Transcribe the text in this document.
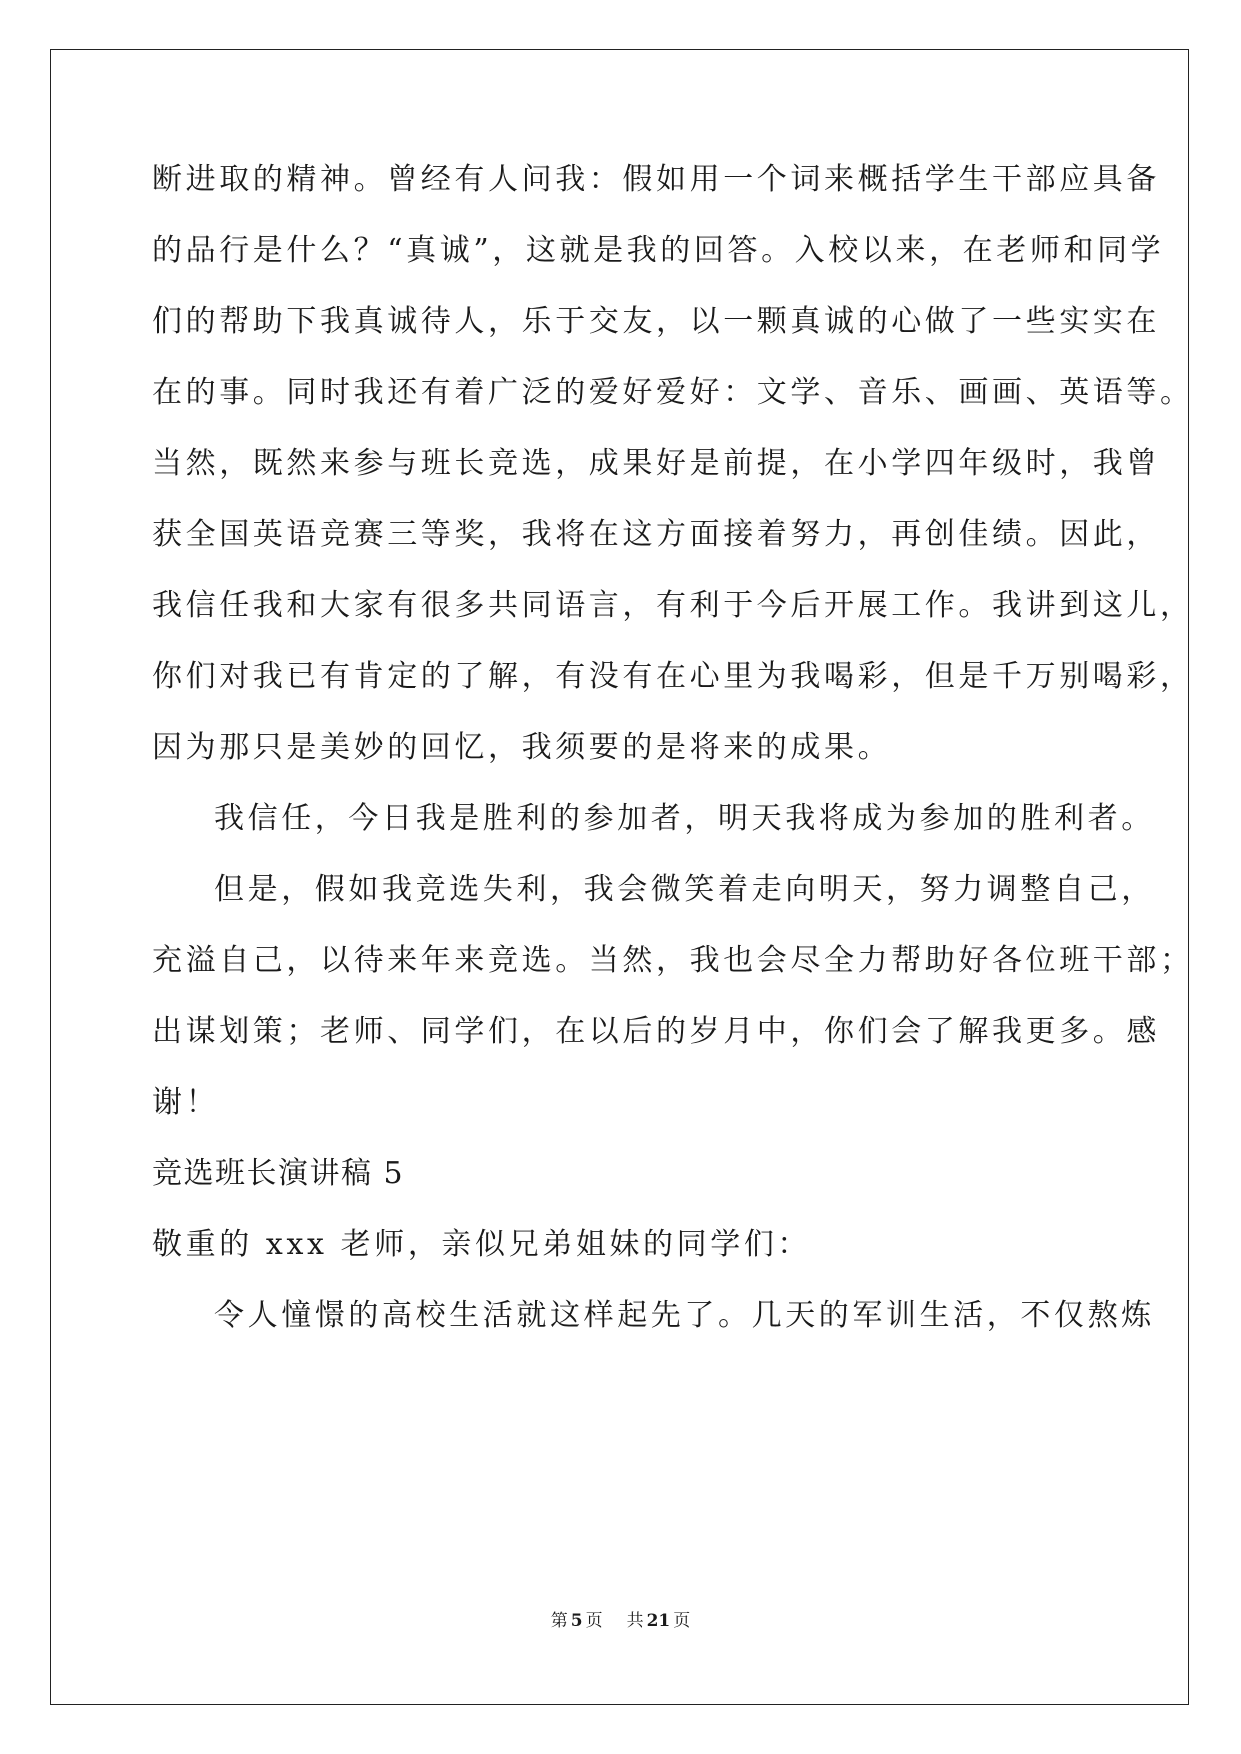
断进取的精神。曾经有人问我：假如用一个词来概括学生干部应具备
的品行是什么？“真诚”，这就是我的回答。入校以来，在老师和同学
们的帮助下我真诚待人，乐于交友，以一颗真诚的心做了一些实实在
在的事。同时我还有着广泛的爱好爱好：文学、音乐、画画、英语等。
当然，既然来参与班长竞选，成果好是前提，在小学四年级时，我曾
获全国英语竞赛三等奖，我将在这方面接着努力，再创佳绩。因此，
我信任我和大家有很多共同语言，有利于今后开展工作。我讲到这儿，
你们对我已有肯定的了解，有没有在心里为我喝彩，但是千万别喝彩，
因为那只是美妙的回忆，我须要的是将来的成果。
我信任，今日我是胜利的参加者，明天我将成为参加的胜利者。
但是，假如我竞选失利，我会微笑着走向明天，努力调整自己，
充溢自己，以待来年来竞选。当然，我也会尽全力帮助好各位班干部；
出谋划策；老师、同学们，在以后的岁月中，你们会了解我更多。感
谢！
竞选班长演讲稿 5
敬重的 xxx 老师，亲似兄弟姐妹的同学们：
令人憧憬的高校生活就这样起先了。几天的军训生活，不仅熬炼
第 5 页 共 21 页
